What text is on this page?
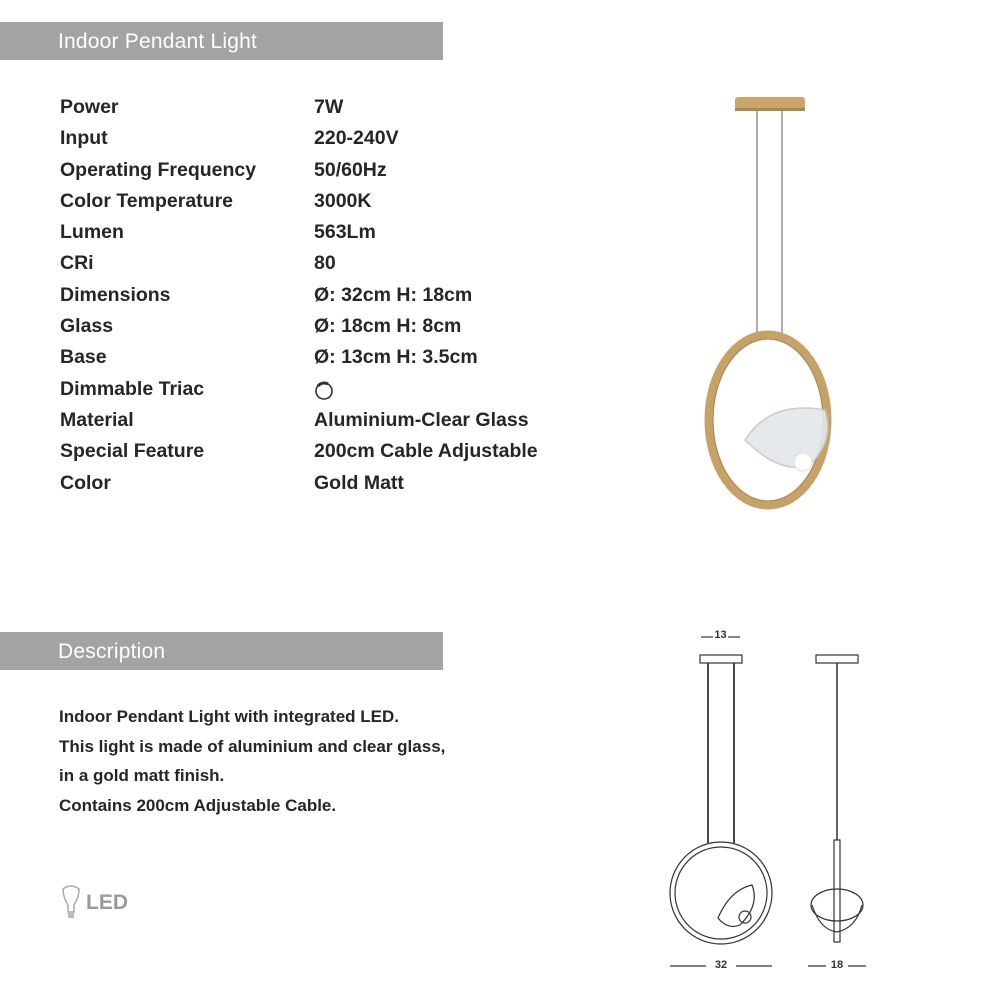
Indoor Pendant Light
Power	7W
Input	220-240V
Operating Frequency	50/60Hz
Color Temperature	3000K
Lumen	563Lm
CRi	80
Dimensions	Ø: 32cm H: 18cm
Glass	Ø: 18cm H: 8cm
Base	Ø: 13cm H: 3.5cm
Dimmable Triac
Material	Aluminium-Clear Glass
Special Feature	200cm Cable Adjustable
Color	Gold Matt
Description
Indoor Pendant Light with integrated LED.
This light is made of aluminium and clear glass,
in a gold matt finish.
Contains 200cm Adjustable Cable.
LED
13
32	18
